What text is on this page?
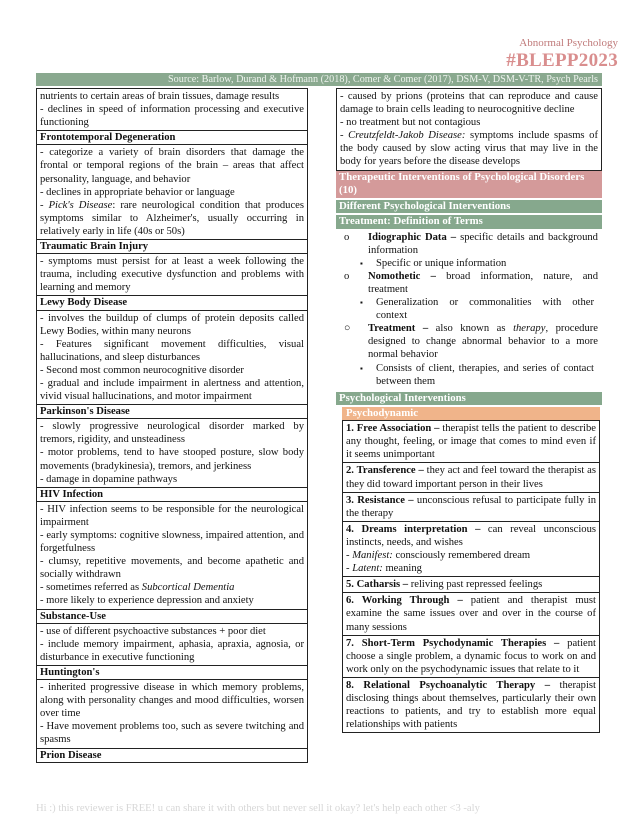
Abnormal Psychology
#BLEPP2023
Source: Barlow, Durand & Hofmann (2018), Comer & Comer (2017), DSM-V, DSM-V-TR, Psych Pearls
nutrients to certain areas of brain tissues, damage results
- declines in speed of information processing and executive functioning
Frontotemporal Degeneration
- categorize a variety of brain disorders that damage the frontal or temporal regions of the brain – areas that affect personality, language, and behavior
- declines in appropriate behavior or language
- Pick's Disease: rare neurological condition that produces symptoms similar to Alzheimer's, usually occurring in relatively early in life (40s or 50s)
Traumatic Brain Injury
- symptoms must persist for at least a week following the trauma, including executive dysfunction and problems with learning and memory
Lewy Body Disease
- involves the buildup of clumps of protein deposits called Lewy Bodies, within many neurons
- Features significant movement difficulties, visual hallucinations, and sleep disturbances
- Second most common neurocognitive disorder
- gradual and include impairment in alertness and attention, vivid visual hallucinations, and motor impairment
Parkinson's Disease
- slowly progressive neurological disorder marked by tremors, rigidity, and unsteadiness
- motor problems, tend to have stooped posture, slow body movements (bradykinesia), tremors, and jerkiness
- damage in dopamine pathways
HIV Infection
- HIV infection seems to be responsible for the neurological impairment
- early symptoms: cognitive slowness, impaired attention, and forgetfulness
- clumsy, repetitive movements, and become apathetic and socially withdrawn
- sometimes referred as Subcortical Dementia
- more likely to experience depression and anxiety
Substance-Use
- use of different psychoactive substances + poor diet
- include memory impairment, aphasia, apraxia, agnosia, or disturbance in executive functioning
Huntington's
- inherited progressive disease in which memory problems, along with personality changes and mood difficulties, worsen over time
- Have movement problems too, such as severe twitching and spasms
Prion Disease
- caused by prions (proteins that can reproduce and cause damage to brain cells leading to neurocognitive decline
- no treatment but not contagious
- Creutzfeldt-Jakob Disease: symptoms include spasms of the body caused by slow acting virus that may live in the body for years before the disease develops
Therapeutic Interventions of Psychological Disorders (10)
Different Psychological Interventions
Treatment: Definition of Terms
o Idiographic Data – specific details and background information
▪ Specific or unique information
o Nomothetic – broad information, nature, and treatment
▪ Generalization or commonalities with other context
○ Treatment – also known as therapy, procedure designed to change abnormal behavior to a more normal behavior
▪ Consists of client, therapies, and series of contact between them
Psychological Interventions
Psychodynamic
1. Free Association – therapist tells the patient to describe any thought, feeling, or image that comes to mind even if it seems unimportant
2. Transference – they act and feel toward the therapist as they did toward important person in their lives
3. Resistance – unconscious refusal to participate fully in the therapy
4. Dreams interpretation – can reveal unconscious instincts, needs, and wishes
- Manifest: consciously remembered dream
- Latent: meaning
5. Catharsis – reliving past repressed feelings
6. Working Through – patient and therapist must examine the same issues over and over in the course of many sessions
7. Short-Term Psychodynamic Therapies – patient choose a single problem, a dynamic focus to work on and work only on the psychodynamic issues that relate to it
8. Relational Psychoanalytic Therapy – therapist disclosing things about themselves, particularly their own reactions to patients, and try to establish more equal relationships with patients
Hi :) this reviewer is FREE! u can share it with others but never sell it okay? let's help each other <3 -aly
